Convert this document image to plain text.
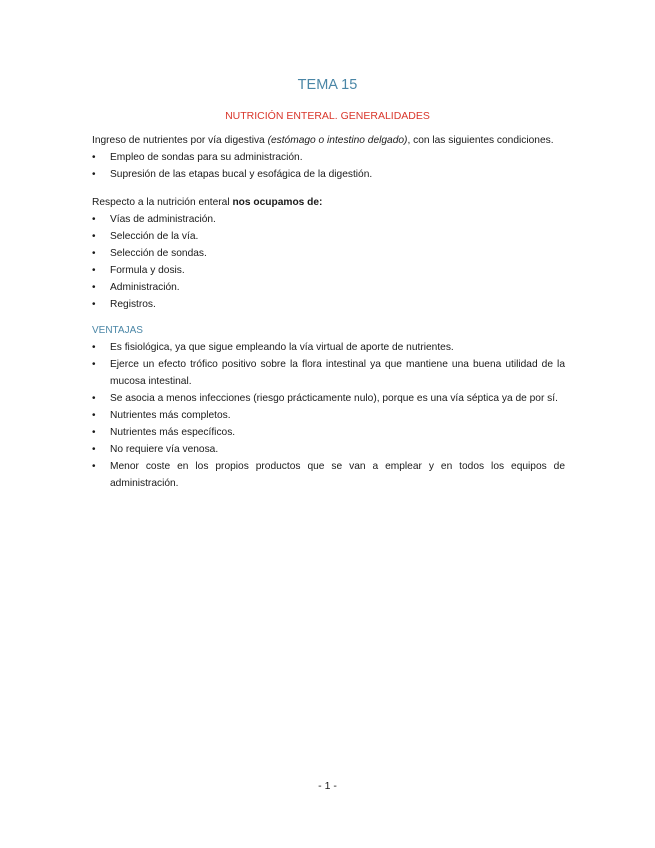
TEMA 15
NUTRICIÓN ENTERAL. GENERALIDADES

Ingreso de nutrientes por vía digestiva (estómago o intestino delgado), con las siguientes condiciones.

• Empleo de sondas para su administración.
• Supresión de las etapas bucal y esofágica de la digestión.

Respecto a la nutrición enteral nos ocupamos de:

• Vías de administración.
• Selección de la vía.
• Selección de sondas.
• Formula y dosis.
• Administración.
• Registros.
VENTAJAS
• Es fisiológica, ya que sigue empleando la vía virtual de aporte de nutrientes.
• Ejerce un efecto trófico positivo sobre la flora intestinal ya que mantiene una buena utilidad de la mucosa intestinal.
• Se asocia a menos infecciones (riesgo prácticamente nulo), porque es una vía séptica ya de por sí.
• Nutrientes más completos.
• Nutrientes más específicos.
• No requiere vía venosa.
• Menor coste en los propios productos que se van a emplear y en todos los equipos de administración.
- 1 -
